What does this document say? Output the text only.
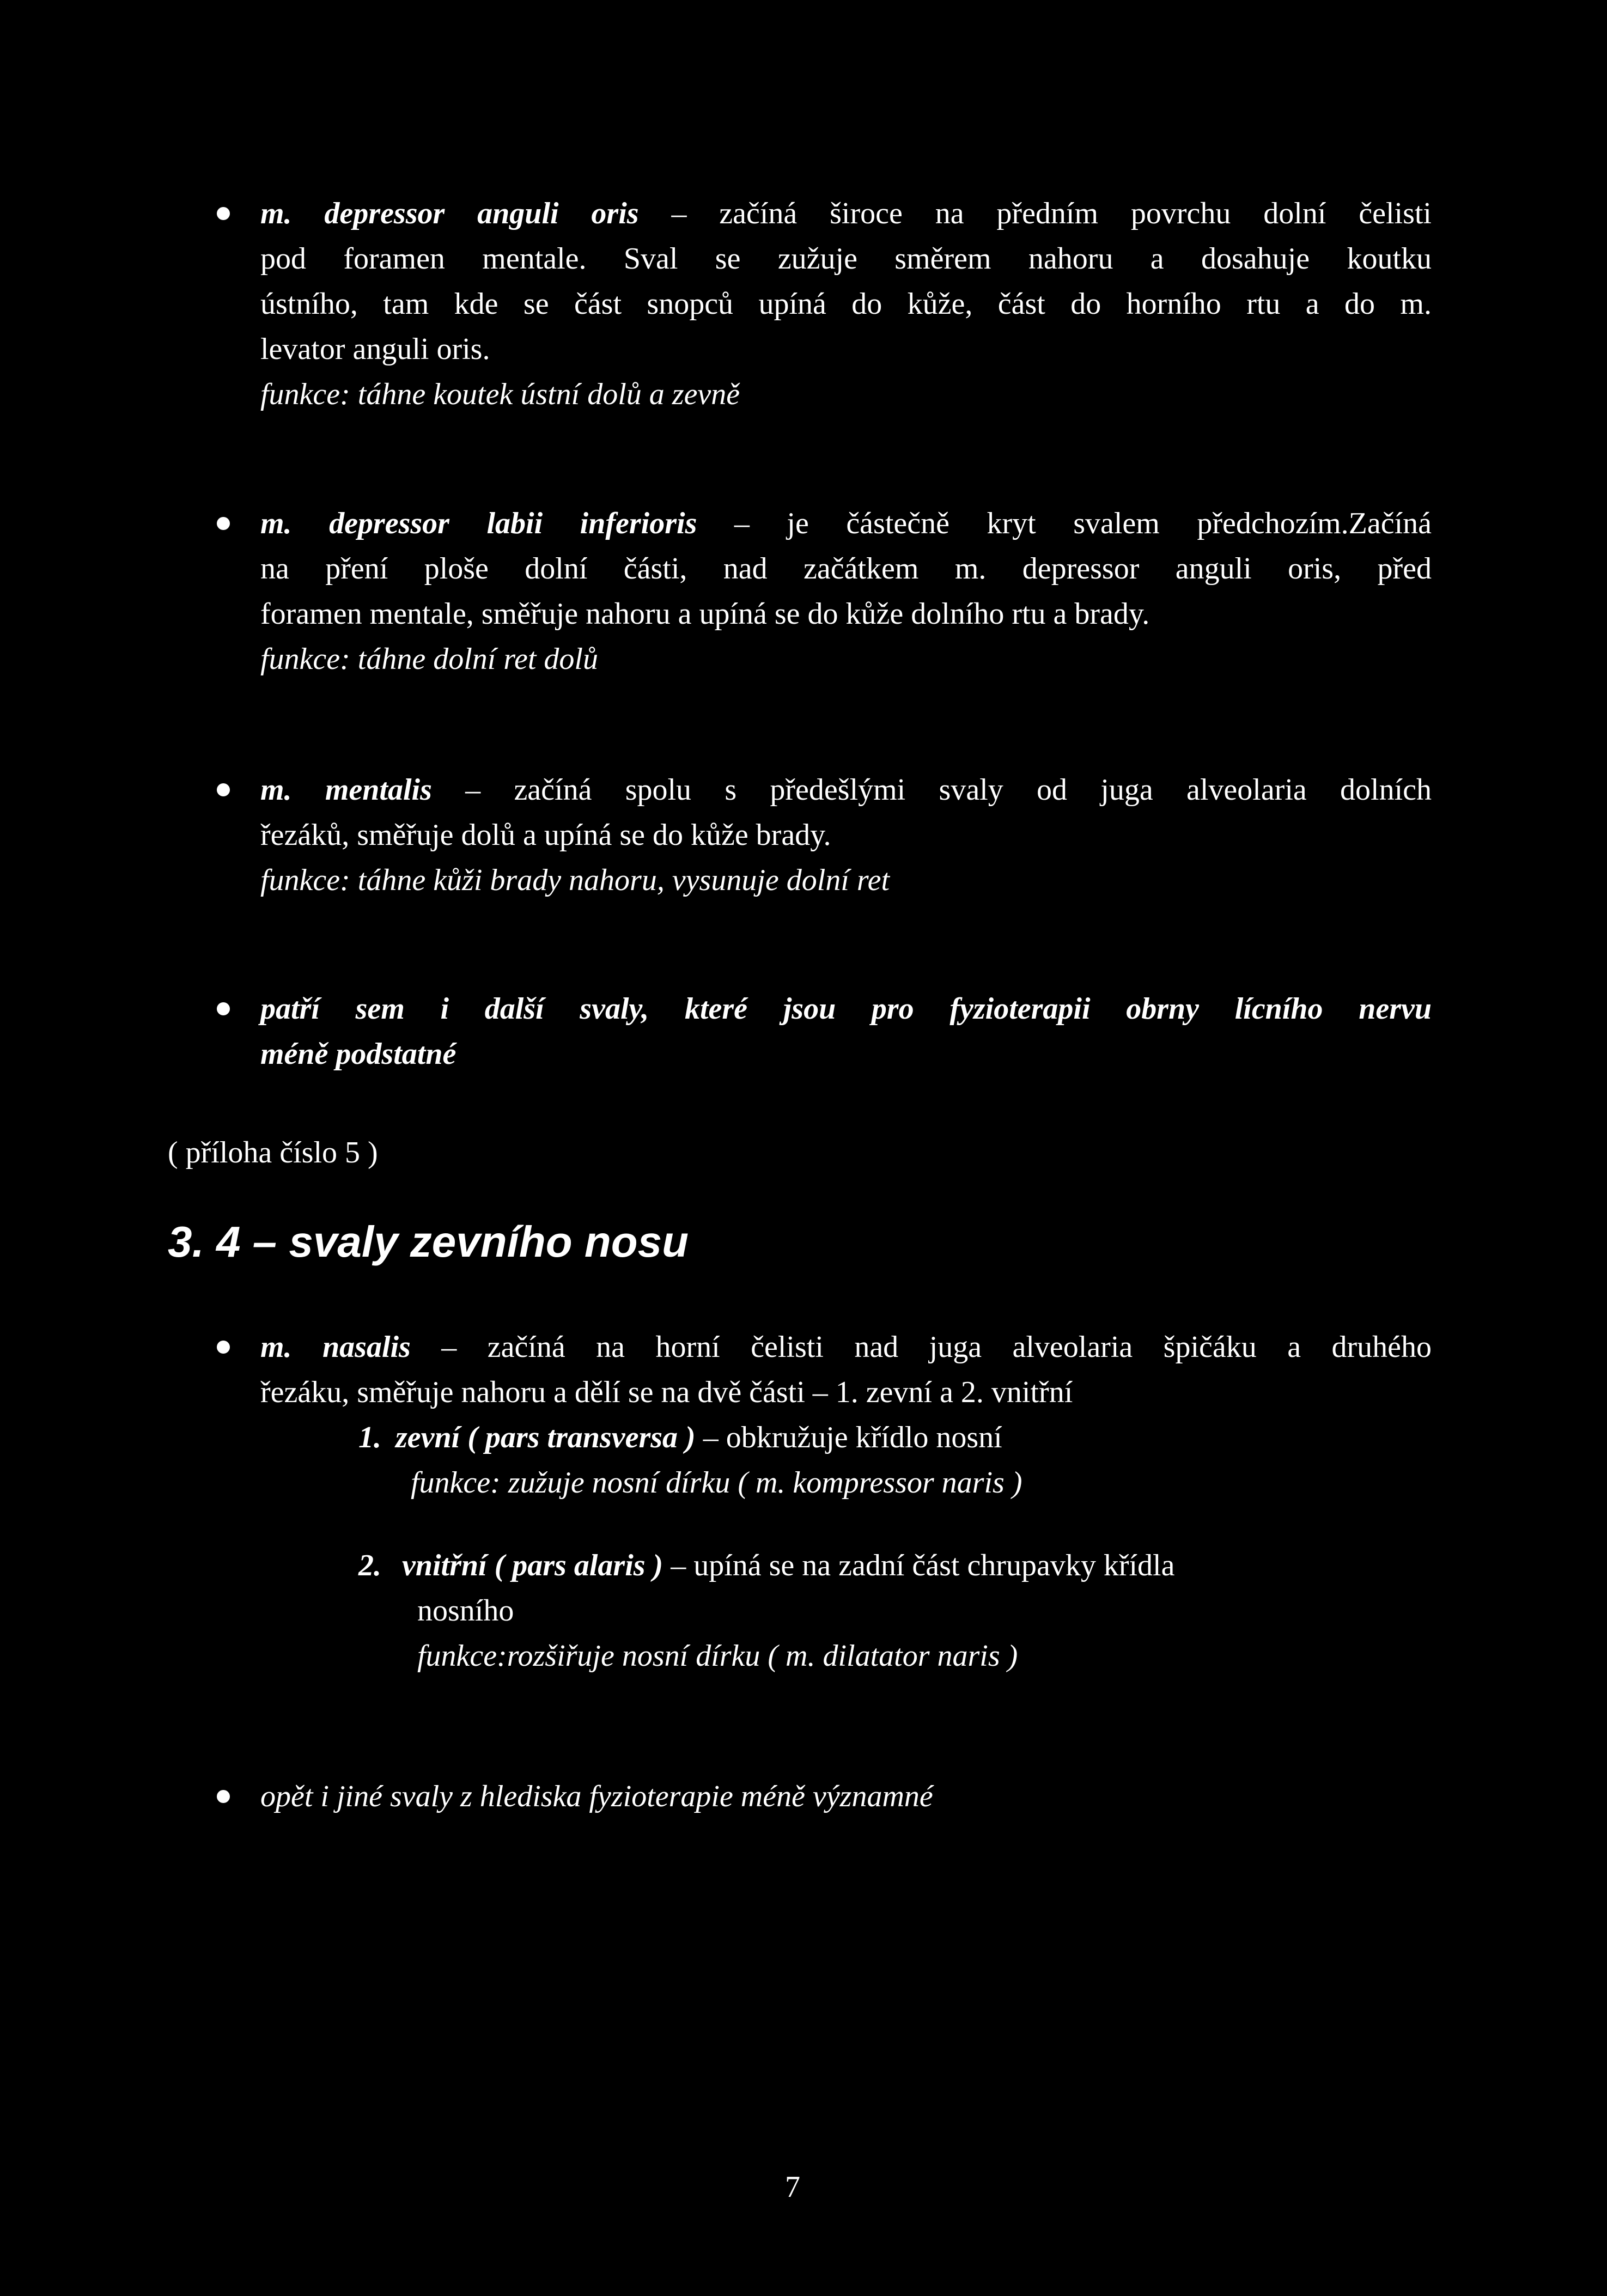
m. depressor anguli oris – začíná široce na předním povrchu dolní čelisti
pod foramen mentale. Sval se zužuje směrem nahoru a dosahuje koutku
ústního, tam kde se část snopců upíná do kůže, část do horního rtu a do m.
levator anguli oris.
funkce: táhne koutek ústní dolů a zevně
m. depressor labii inferioris – je částečně kryt svalem předchozím.Začíná
na pření ploše dolní části, nad začátkem m. depressor anguli oris, před
foramen mentale, směřuje nahoru a upíná se do kůže dolního rtu a brady.
funkce: táhne dolní ret dolů
m. mentalis – začíná spolu s předešlými svaly od juga alveolaria dolních
řezáků, směřuje dolů a upíná se do kůže brady.
funkce: táhne kůži brady nahoru, vysunuje dolní ret
patří sem i další svaly, které jsou pro fyzioterapii obrny lícního nervu
méně podstatné
( příloha číslo 5 )
3. 4 – svaly zevního nosu
m. nasalis – začíná na horní čelisti nad juga alveolaria špičáku a druhého
řezáku, směřuje nahoru a dělí se na dvě části – 1. zevní a 2. vnitřní
1. zevní ( pars transversa ) – obkružuje křídlo nosní
funkce: zužuje nosní dírku ( m. kompressor naris )
2. vnitřní ( pars alaris ) – upíná se na zadní část chrupavky křídla
nosního
funkce:rozšiřuje nosní dírku ( m. dilatator naris )
opět i jiné svaly z hlediska fyzioterapie méně významné
7
